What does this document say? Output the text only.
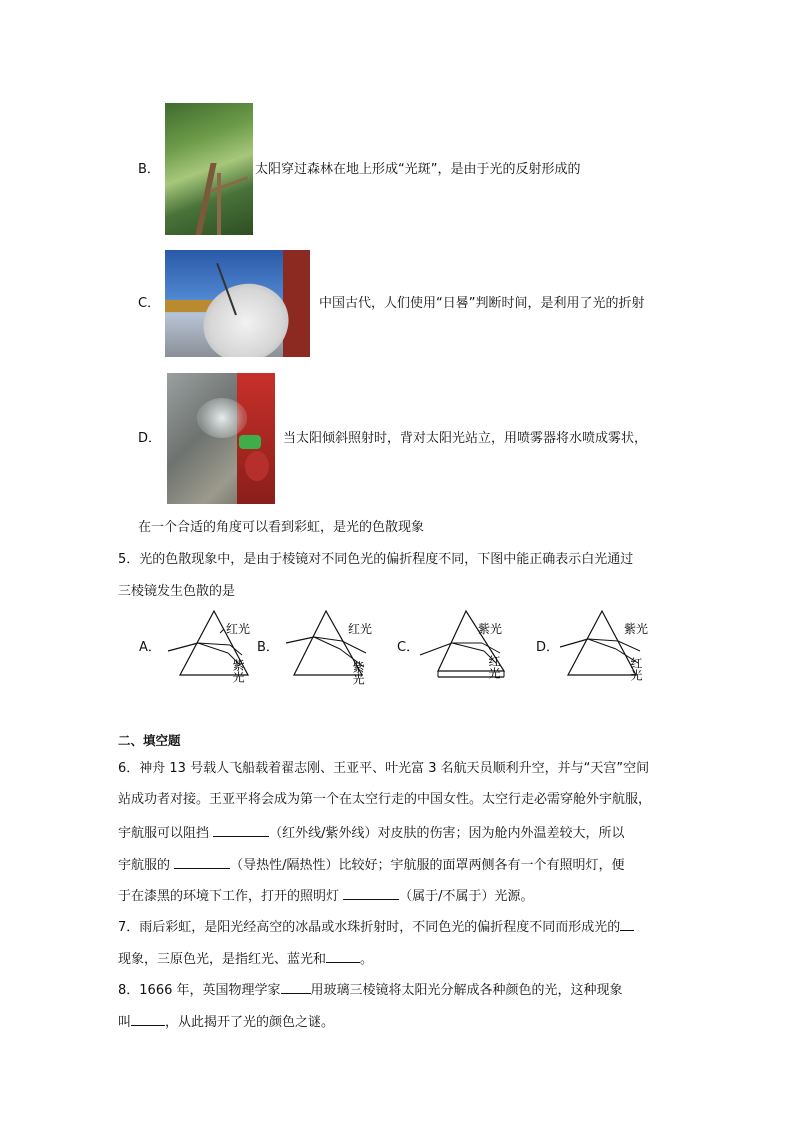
B．	太阳穿过森林在地上形成“光斑”，是由于光的反射形成的
C．	中国古代，人们使用“日晷”判断时间，是利用了光的折射
D．	当太阳倾斜照射时，背对太阳光站立，用喷雾器将水喷成雾状，
在一个合适的角度可以看到彩虹，是光的色散现象
5．光的色散现象中，是由于棱镜对不同色光的偏折程度不同，下图中能正确表示白光通过
三棱镜发生色散的是
A．
红光
紫光
B．
红光
紫光
C．
紫光
红光
D．
紫光
红光
二、填空题
6．神舟 13 号载人飞船载着翟志刚、王亚平、叶光富 3 名航天员顺利升空，并与“天宫”空间
站成功者对接。王亚平将会成为第一个在太空行走的中国女性。太空行走必需穿舱外宇航服，
宇航服可以阻挡	（红外线/紫外线）对皮肤的伤害；因为舱内外温差较大，所以
宇航服的	（导热性/隔热性）比较好；宇航服的面罩两侧各有一个有照明灯，便
于在漆黑的环境下工作，打开的照明灯	（属于/不属于）光源。
7．雨后彩虹，是阳光经高空的冰晶或水珠折射时，不同色光的偏折程度不同而形成光的
现象，三原色光，是指红光、蓝光和	。
8．1666 年，英国物理学家 用玻璃三棱镜将太阳光分解成各种颜色的光，这种现象
叫	，从此揭开了光的颜色之谜。
